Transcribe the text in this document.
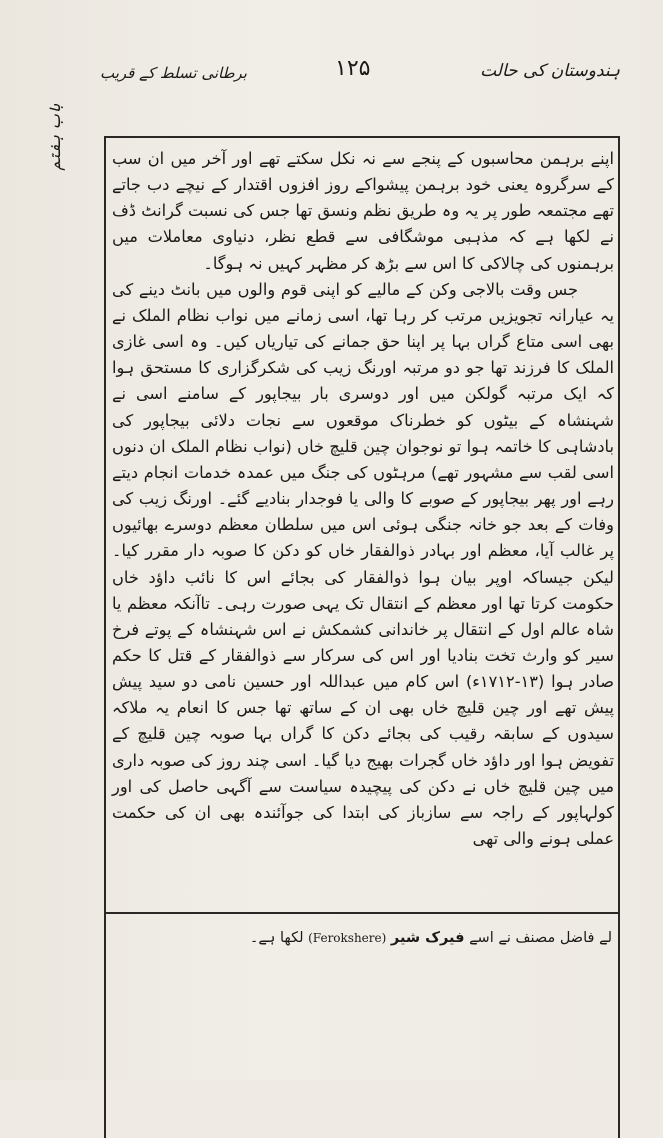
ہندوستان کی حالت
۱۲۵
برطانی تسلط کے قریب
باب ہفتم	اپنے برہمن محاسبوں کے پنجے سے نہ نکل سکتے تھے اور آخر میں ان سب کے سرگروہ یعنی خود برہمن پیشواکے روز افزوں اقتدار کے نیچے دب جاتے تھے مجتمعہ طور پر یہ وہ طریق نظم ونسق تھا جس کی نسبت گرانٹ ڈف نے لکھا ہے کہ مذہبی موشگافی سے قطع نظر، دنیاوی معاملات میں برہمنوں کی چالاکی کا اس سے بڑھ کر مظہر کہیں نہ ہوگا۔

جس وقت بالاجی وکن کے مالیے کو اپنی قوم والوں میں بانٹ دینے کی یہ عیارانہ تجویزیں مرتب کر رہا تھا، اسی زمانے میں نواب نظام الملک نے بھی اسی متاع گراں بہا پر اپنا حق جمانے کی تیاریاں کیں۔ وہ اسی غازی الملک کا فرزند تھا جو دو مرتبہ اورنگ زیب کی شکرگزاری کا مستحق ہوا کہ ایک مرتبہ گولکن میں اور دوسری بار بیجاپور کے سامنے اسی نے شہنشاہ کے بیٹوں کو خطرناک موقعوں سے نجات دلائی بیجاپور کی بادشاہی کا خاتمہ ہوا تو نوجوان چین قلیچ خاں (نواب نظام الملک ان دنوں اسی لقب سے مشہور تھے) مرہٹوں کی جنگ میں عمدہ خدمات انجام دیتے رہے اور پھر بیجاپور کے صوبے کا والی یا فوجدار بنادیے گئے۔ اورنگ زیب کی وفات کے بعد جو خانہ جنگی ہوئی اس میں سلطان معظم دوسرے بھائیوں پر غالب آیا، معظم اور بہادر ذوالفقار خاں کو دکن کا صوبہ دار مقرر کیا۔ لیکن جیساکہ اوپر بیان ہوا ذوالفقار کی بجائے اس کا نائب داؤد خاں حکومت کرتا تھا اور معظم کے انتقال تک یہی صورت رہی۔ تاآنکہ معظم یا شاہ عالم اول کے انتقال پر خاندانی کشمکش نے اس شہنشاہ کے پوتے فرخ سیر کو وارث تخت بنادیا اور اس کی سرکار سے ذوالفقار کے قتل کا حکم صادر ہوا (۱۳-۱۷۱۲ء) اس کام میں عبداللہ اور حسین نامی دو سید پیش پیش تھے اور چین قلیچ خاں بھی ان کے ساتھ تھا جس کا انعام یہ ملاکہ سیدوں کے سابقہ رقیب کی بجائے دکن کا گراں بہا صوبہ چین قلیچ کے تفویض ہوا اور داؤد خاں گجرات بھیج دیا گیا۔ اسی چند روز کی صوبہ داری میں چین قلیچ خاں نے دکن کی پیچیدہ سیاست سے آگہی حاصل کی اور کولہاپور کے راجہ سے سازباز کی ابتدا کی جوآئندہ بھی ان کی حکمت عملی ہونے والی تھی

لے فاضل مصنف نے اسے فیرک شیر (Ferokshere) لکھا ہے۔
